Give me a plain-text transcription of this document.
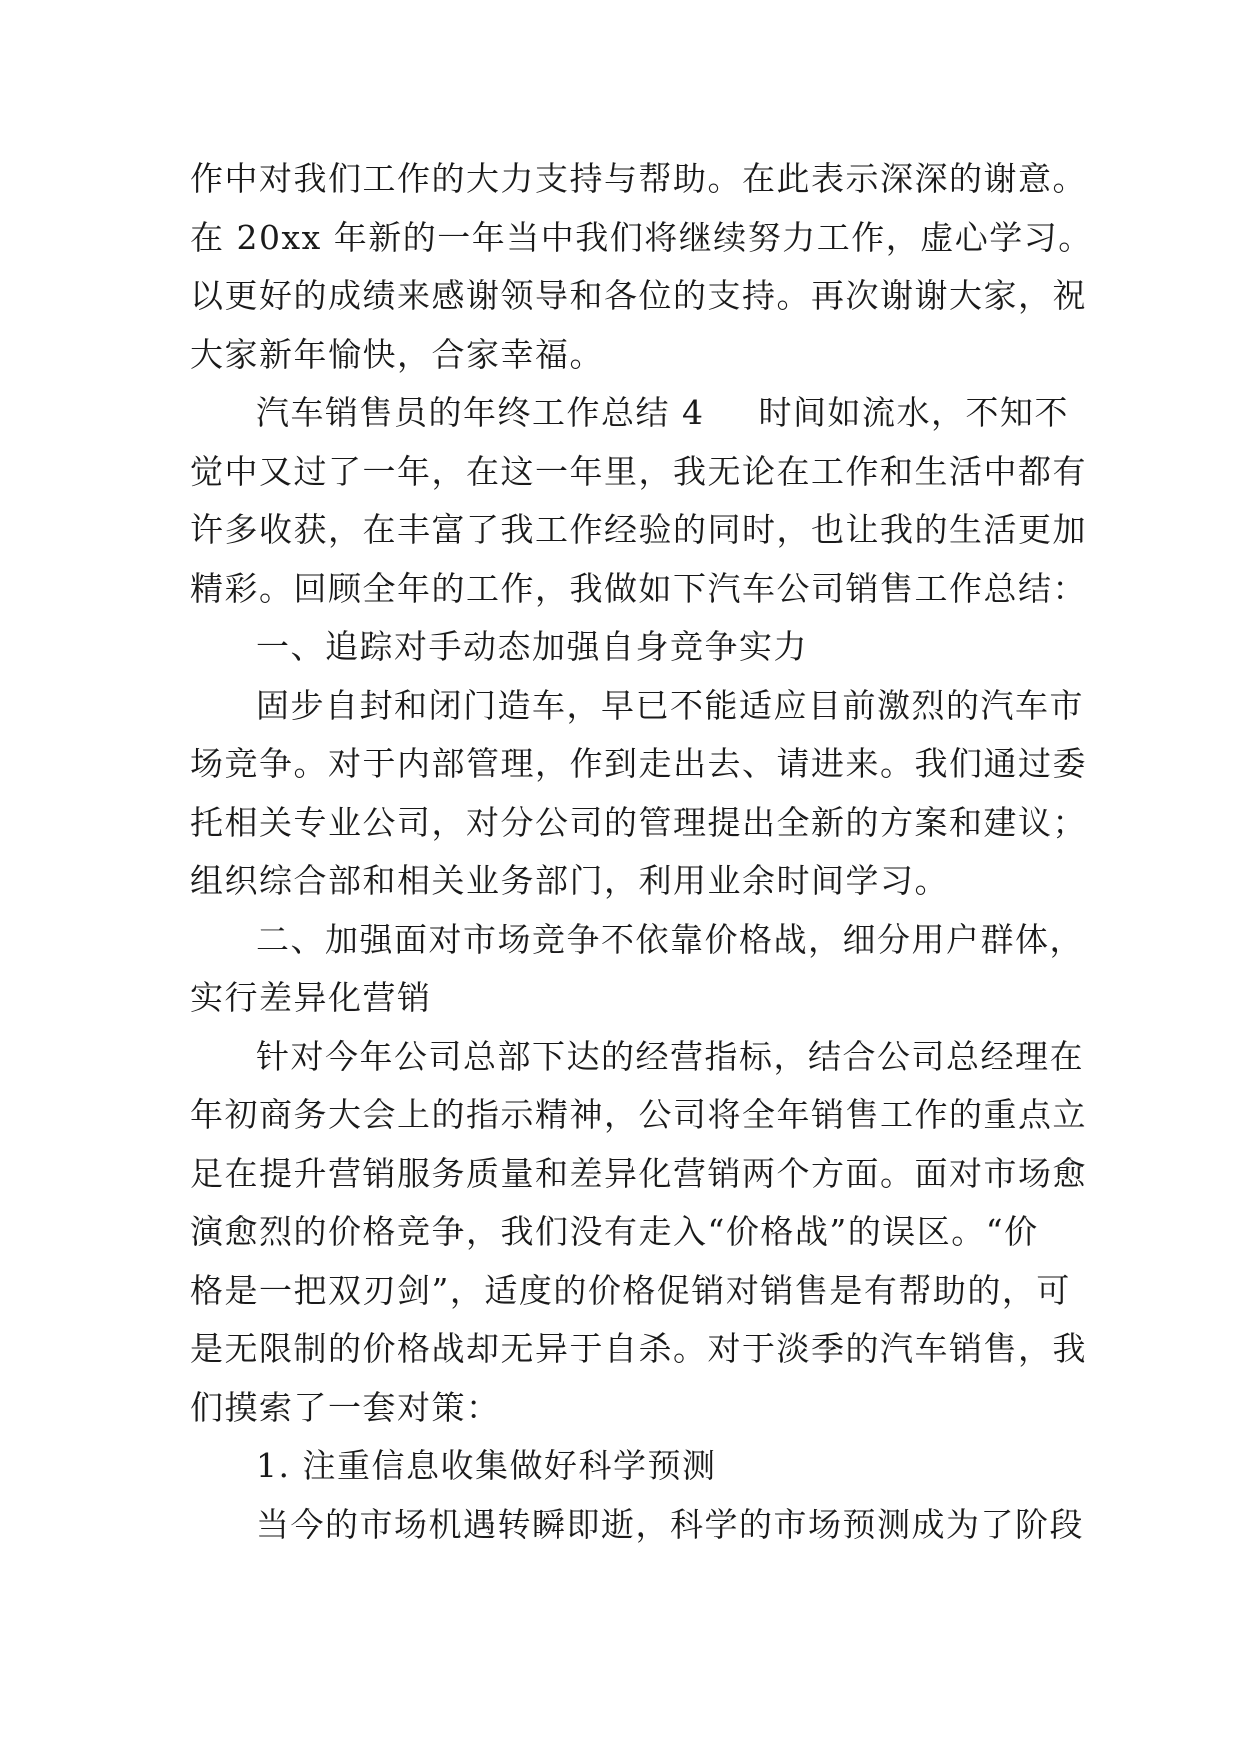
作中对我们工作的大力支持与帮助。在此表示深深的谢意。
在 20xx 年新的一年当中我们将继续努力工作，虚心学习。
以更好的成绩来感谢领导和各位的支持。再次谢谢大家，祝
大家新年愉快，合家幸福。
汽车销售员的年终工作总结 4 时间如流水，不知不
觉中又过了一年，在这一年里，我无论在工作和生活中都有
许多收获，在丰富了我工作经验的同时，也让我的生活更加
精彩。回顾全年的工作，我做如下汽车公司销售工作总结：
一、追踪对手动态加强自身竞争实力
固步自封和闭门造车，早已不能适应目前激烈的汽车市
场竞争。对于内部管理，作到走出去、请进来。我们通过委
托相关专业公司，对分公司的管理提出全新的方案和建议；
组织综合部和相关业务部门，利用业余时间学习。
二、加强面对市场竞争不依靠价格战，细分用户群体，
实行差异化营销
针对今年公司总部下达的经营指标，结合公司总经理在
年初商务大会上的指示精神，公司将全年销售工作的重点立
足在提升营销服务质量和差异化营销两个方面。面对市场愈
演愈烈的价格竞争，我们没有走入“价格战”的误区。“价
格是一把双刃剑”，适度的价格促销对销售是有帮助的，可
是无限制的价格战却无异于自杀。对于淡季的汽车销售，我
们摸索了一套对策：
1. 注重信息收集做好科学预测
当今的市场机遇转瞬即逝，科学的市场预测成为了阶段
